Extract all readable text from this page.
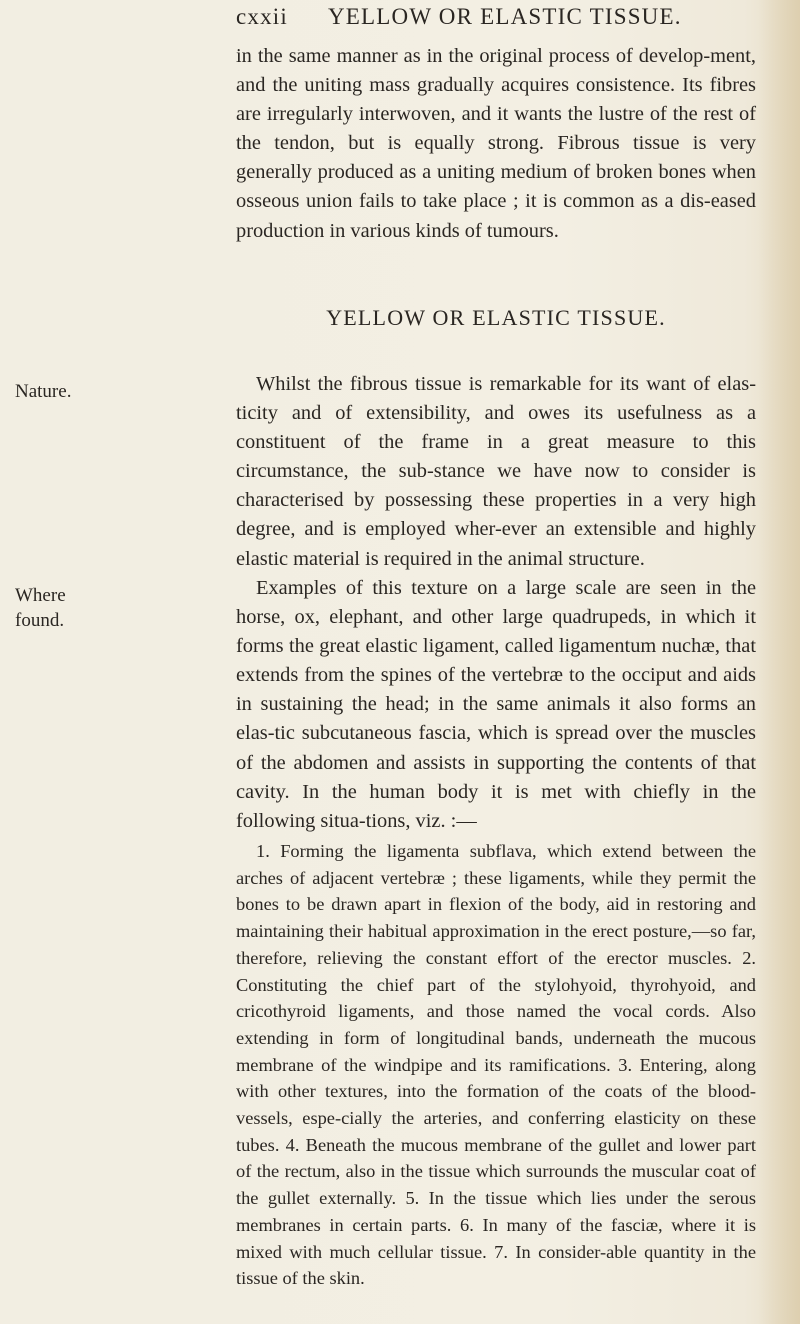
cxxii YELLOW OR ELASTIC TISSUE.

in the same manner as in the original process of develop-ment, and the uniting mass gradually acquires consistence. Its fibres are irregularly interwoven, and it wants the lustre of the rest of the tendon, but is equally strong. Fibrous tissue is very generally produced as a uniting medium of broken bones when osseous union fails to take place ; it is common as a dis-eased production in various kinds of tumours.

YELLOW OR ELASTIC TISSUE.
Nature.	Whilst the fibrous tissue is remarkable for its want of elas-ticity and of extensibility, and owes its usefulness as a constituent of the frame in a great measure to this circumstance, the sub-stance we have now to consider is characterised by possessing these properties in a very high degree, and is employed wher-ever an extensible and highly elastic material is required in the animal structure.

Where
found.

Examples of this texture on a large scale are seen in the horse, ox, elephant, and other large quadrupeds, in which it forms the great elastic ligament, called ligamentum nuchæ, that extends from the spines of the vertebræ to the occiput and aids in sustaining the head; in the same animals it also forms an elas-tic subcutaneous fascia, which is spread over the muscles of the abdomen and assists in supporting the contents of that cavity. In the human body it is met with chiefly in the following situa-tions, viz. :—

1. Forming the ligamenta subflava, which extend between the arches of adjacent vertebræ ; these ligaments, while they permit the bones to be drawn apart in flexion of the body, aid in restoring and maintaining their habitual approximation in the erect posture,—so far, therefore, relieving the constant effort of the erector muscles. 2. Constituting the chief part of the stylohyoid, thyrohyoid, and cricothyroid ligaments, and those named the vocal cords. Also extending in form of longitudinal bands, underneath the mucous membrane of the windpipe and its ramifications. 3. Entering, along with other textures, into the formation of the coats of the blood-vessels, espe-cially the arteries, and conferring elasticity on these tubes. 4. Beneath the mucous membrane of the gullet and lower part of the rectum, also in the tissue which surrounds the muscular coat of the gullet externally. 5. In the tissue which lies under the serous membranes in certain parts. 6. In many of the fasciæ, where it is mixed with much cellular tissue. 7. In consider-able quantity in the tissue of the skin.
